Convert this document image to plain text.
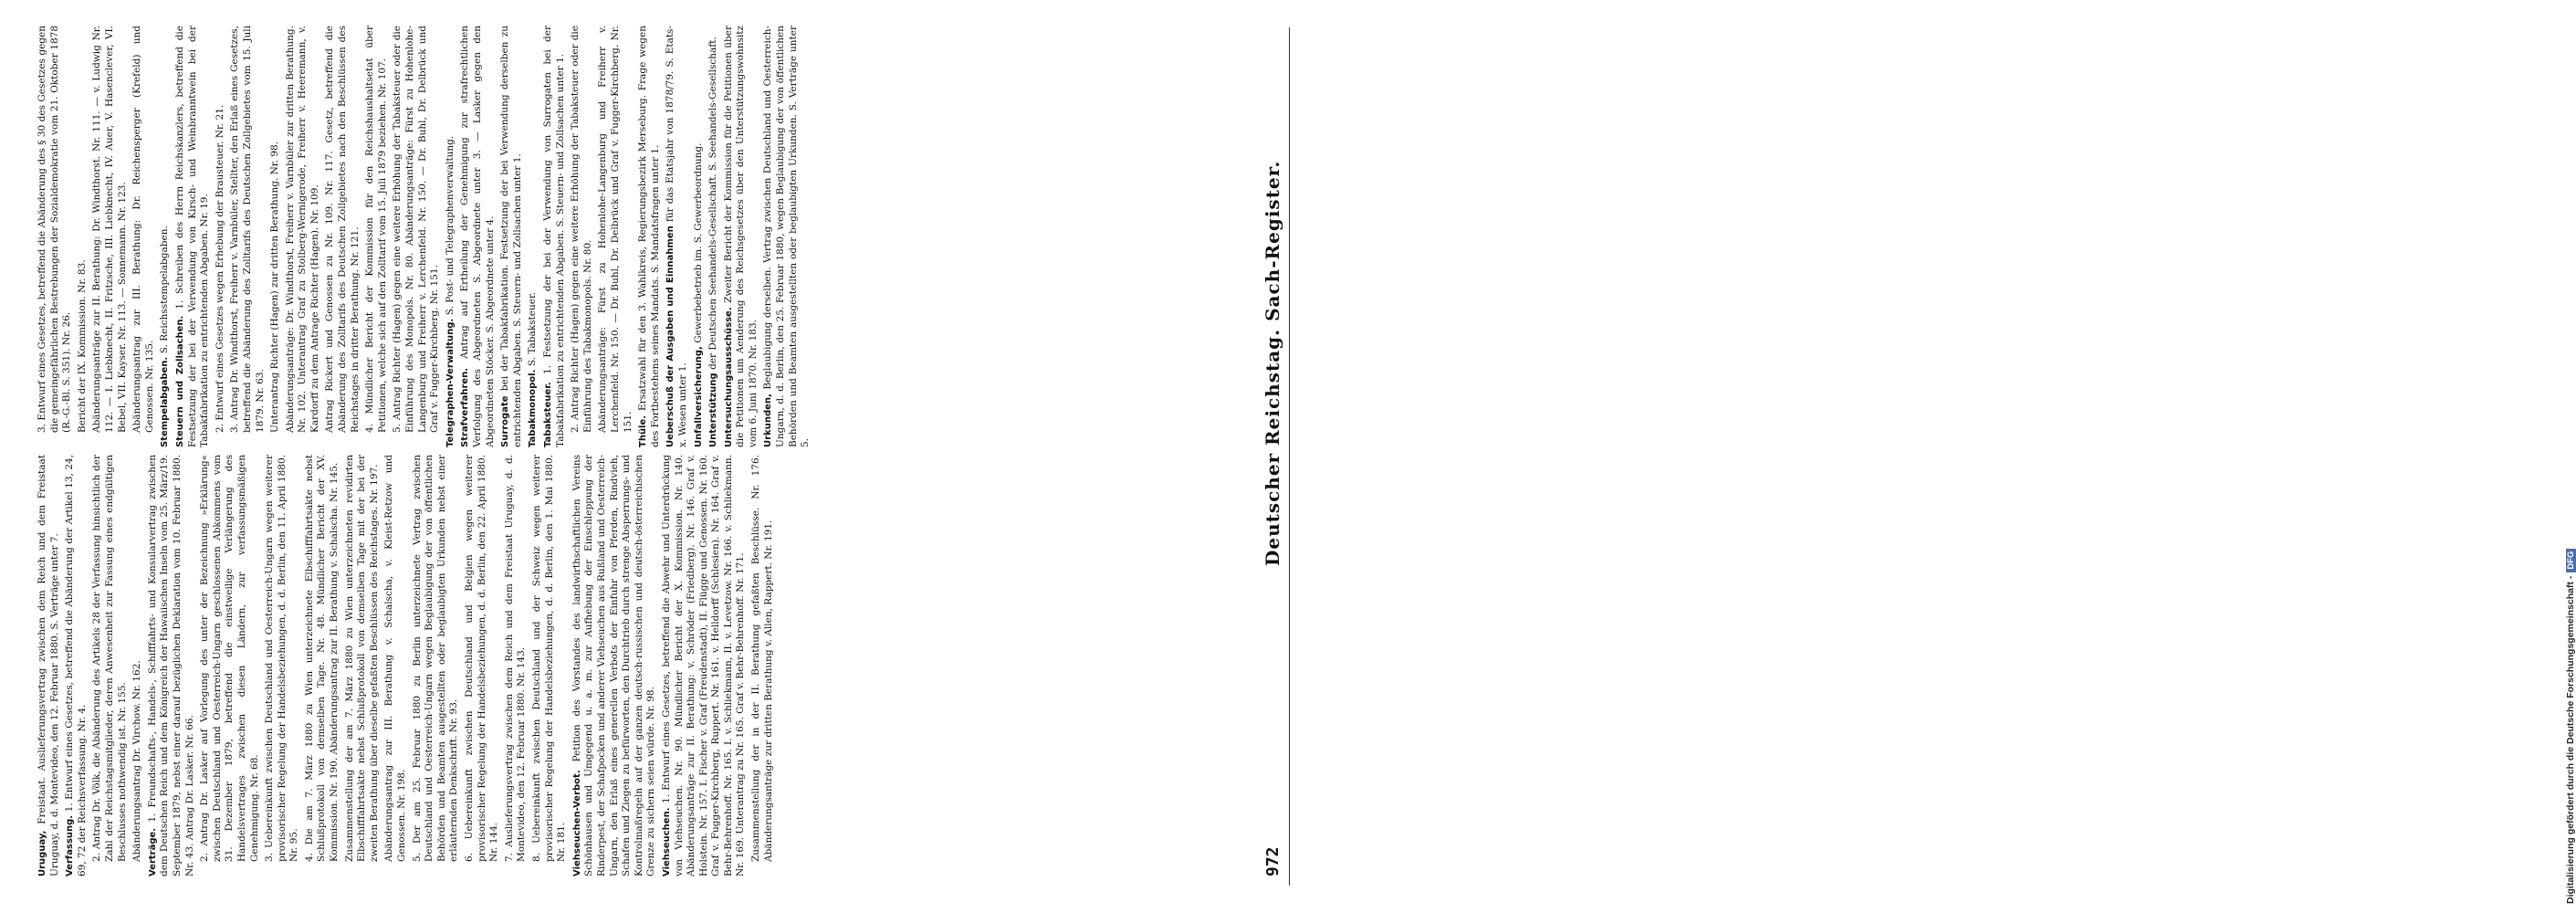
972
Deutscher Reichstag. Sach-Register.
3. Entwurf eines Gesetzes, betreffend die Abänderung des § 30 des Gesetzes gegen die gemeingefährlichen Bestrebungen der Sozialdemokratie vom 21. Oktober 1878 (R.-G.-Bl. S. 351). Nr. 26. Bericht der IX. Kommission. Nr. 83. Abänderungsanträge zur II. Berathung: Dr. Windthorst. Nr. 111. — v. Ludwig Nr. 112. — I. Liebknecht, II. Fritzsche, III. Liebknecht, IV. Auer, V. Hasenclever, VI. Bebel, VII. Kayser. Nr. 113. — Sonnemann. Nr. 123. Abänderungsantrag zur III. Berathung: Dr. Reichensperger (Krefeld) und Genossen. Nr. 135. Stempelabgaben. S. Reichsstempelabgaben.
Steuern und Zollsachen. 1. Schreiben des Herrn Reichskanzlers, betreffend die Festsetzung der bei der Verwendung von Kirsch- und Weinbranntwein bei der Tabakfabrikation zu entrichtenden Abgaben. Nr. 19. 2. Entwurf eines Gesetzes wegen Erhebung der Brausteuer. Nr. 21. 3. Antrag Dr. Windthorst, Freiherr v. Varnbüler, Stellter, den Erlaß eines Gesetzes, betreffend die Abänderung des Zolltarifs des Deutschen Zollgebietes vom 15. Juli 1879. Nr. 63. Unterantrag Richter (Hagen) zur dritten Berathung. Nr. 98. Abänderungsanträge: Dr. Windthorst, Freiherr v. Varnbüler zur dritten Berathung. Nr. 102. Unterantrag Graf zu Stolberg-Wernigerode, Freiherr v. Heeremann, v. Kardorff zu dem Antrage Richter (Hagen). Nr. 109. Antrag Rickert und Genossen zu Nr. 109. Nr. 117. Gesetz, betreffend die Abänderung des Zolltarifs des Deutschen Zollgebietes nach den Beschlüssen des Reichstages in dritter Berathung. Nr. 121. 4. Mündlicher Bericht der Kommission für den Reichshaushaltsetat über Petitionen, welche sich auf den Zolltarif vom 15. Juli 1879 beziehen. Nr. 107. 5. Antrag Richter (Hagen) gegen eine weitere Erhöhung der Tabaksteuer oder die Einführung des Monopols. Nr. 80. Abänderungsanträge: Fürst zu Hohenlohe-Langenburg und Freiherr v. Lerchenfeld. Nr. 150. — Dr. Buhl, Dr. Delbrück und Graf v. Fugger-Kirchberg. Nr. 151. Telegraphen-Verwaltung. S. Post- und Telegraphenverwaltung.
Strafverfahren. Antrag auf Ertheilung der Genehmigung zur strafrechtlichen Verfolgung des Abgeordneten S. Abgeordnete unter 3. — Lasker gegen den Abgeordneten Stöcker. S. Abgeordnete unter 4. Surrogate bei der Tabakfabrikation. Festsetzung der bei Verwendung derselben zu entrichtenden Abgaben. S. Steuern- und Zollsachen unter 1. Tabakmonopol. S. Tabaksteuer.
Tabaksteuer. 1. Festsetzung der bei der Verwendung von Surrogaten bei der Tabakfabrikation zu entrichtenden Abgaben. S. Steuern- und Zollsachen unter 1. 2. Antrag Richter (Hagen) gegen eine weitere Erhöhung der Tabaksteuer oder die Einführung des Tabakmonopols. Nr. 80. Abänderungsanträge: Fürst zu Hohenlohe-Langenburg und Freiherr v. Lerchenfeld. Nr. 150. — Dr. Buhl, Dr. Delbrück und Graf v. Fugger-Kirchberg. Nr. 151. Thüle. Ersatzwahl für den 3. Wahlkreis, Regierungsbezirk Merseburg. Frage wegen des Fortbestehens seines Mandats. S. Mandatsfragen unter 1. Ueberschuß der Ausgaben und Einnahmen für das Etatsjahr von 1878/79. S. Etats-x. Wesen unter 1. Unfallversicherung, Gewerbebetrieb im. S. Gewerbeordnung.
Unterstützung der Deutschen Seehandels-Gesellschaft. S. Seehandels-Gesellschaft.
Untersuchungsausschüsse. Zweiter Bericht der Kommission für die Petitionen über die Petitionen um Aenderung des Reichsgesetzes über den Unterstützungswohnsitz vom 6. Juni 1870. Nr. 183. Urkunden, Beglaubigung derselben. Vertrag zwischen Deutschland und Oesterreich-Ungarn, d. d. Berlin, den 25. Februar 1880, wegen Beglaubigung der von öffentlichen Behörden und Beamten ausgestellten oder beglaubigten Urkunden. S. Verträge unter 5.
Uruguay, Freistaat. Auslieferungsvertrag zwischen dem Reich und dem Freistaat Uruguay, d. d. Montevideo, den 12. Februar 1880. S. Verträge unter 7. Verfassung. 1. Entwurf eines Gesetzes, betreffend die Abänderung der Artikel 13, 24, 69, 72 der Reichsverfassung. Nr. 4. 2. Antrag Dr. Völk, die Abänderung des Artikels 28 der Verfassung hinsichtlich der Zahl der Reichstagsmitglieder, deren Anwesenheit zur Fassung eines endgültigen Beschlusses nothwendig ist. Nr. 155. Abänderungsantrag Dr. Virchow. Nr. 162. Verträge. 1. Freundschafts-, Handels-, Schifffahrts- und Konsularvertrag zwischen dem Deutschen Reich und dem Königreich der Hawaiischen Inseln vom 25. März/19. September 1879, nebst einer darauf bezüglichen Deklaration vom 10. Februar 1880. Nr. 43. Antrag Dr. Lasker. Nr. 66. 2. Antrag Dr. Lasker auf Vorlegung des unter der Bezeichnung »Erklärung« zwischen Deutschland und Oesterreich-Ungarn geschlossenen Abkommens vom 31. Dezember 1879, betreffend die einstweilige Verlängerung des Handelsvertrages zwischen diesen Ländern, zur verfassungsmäßigen Genehmigung. Nr. 68. 3. Uebereinkunft zwischen Deutschland und Oesterreich-Ungarn wegen weiterer provisorischer Regelung der Handelsbeziehungen, d. d. Berlin, den 11. April 1880. Nr. 95. 4. Die am 7. März 1880 zu Wien unterzeichnete Elbschifffahrtsakte nebst Schlußprotokoll von demselben Tage. Nr. 48. Mündlicher Bericht der XV. Kommission. Nr. 190. Abänderungsantrag zur II. Berathung v. Schalscha. Nr. 145. Zusammenstellung der am 7. März 1880 zu Wien unterzeichneten revidirten Elbschifffahrtsakte nebst Schlußprotokoll von demselben Tage mit der bei der zweiten Berathung über dieselbe gefaßten Beschlüssen des Reichstages. Nr. 197. Abänderungsantrag zur III. Berathung v. Schalscha, v. Kleist-Retzow und Genossen. Nr. 198. 5. Der am 25. Februar 1880 zu Berlin unterzeichnete Vertrag zwischen Deutschland und Oesterreich-Ungarn wegen Beglaubigung der von öffentlichen Behörden und Beamten ausgestellten oder beglaubigten Urkunden nebst einer erläuternden Denkschrift. Nr. 93. 6. Uebereinkunft zwischen Deutschland und Belgien wegen weiterer provisorischer Regelung der Handelsbeziehungen, d. d. Berlin, den 22. April 1880. Nr. 144. 7. Auslieferungsvertrag zwischen dem Reich und dem Freistaat Uruguay, d. d. Montevideo, den 12. Februar 1880. Nr. 143. 8. Uebereinkunft zwischen Deutschland und der Schweiz wegen weiterer provisorischer Regelung der Handelsbeziehungen, d. d. Berlin, den 1. Mai 1880. Nr. 181. Viehseuchen-Verbot. Petition des Vorstandes des landwirthschaftlichen Vereins Schönhausen und Umgegend u. a. m. zur Aufhebung der Einschleppung der Rinderpest, der Schafpocken und anderer Viehseuchen aus Rußland und Oesterreich-Ungarn, den Erlaß eines generellen Verbots der Einfuhr von Pferden, Rindvieh, Schafen und Ziegen zu befürworten, den Durchtrieb durch strenge Absperrungs- und Kontrolmaßregeln auf der ganzen deutsch-russischen und deutsch-österreichischen Grenze zu sichern seien würde. Nr. 98. Viehseuchen. 1. Entwurf eines Gesetzes, betreffend die Abwehr und Unterdrückung von Viehseuchen. Nr. 90. Mündlicher Bericht der X. Kommission. Nr. 140. Abänderungsanträge zur II. Berathung: v. Schröder (Friedberg). Nr. 146. Graf v. Holstein. Nr. 157. I. Fischer v. Graf (Freudenstadt), II. Flügge und Genossen. Nr. 160. Graf v. Fugger-Kirchberg, Ruppert. Nr. 161. v. Helldorff (Schlesien). Nr. 164. Graf v. Behr-Behrenhoff. Nr. 165. I. v. Schliekmann, II. v. Levetzow. Nr. 166. v. Schliekmann. Nr. 169. Unterantrag zu Nr. 165. Graf v. Behr-Behrenhoff. Nr. 171. Zusammenstellung der in der II. Berathung gefaßten Beschlüsse. Nr. 176. Abänderungsanträge zur dritten Berathung v. Allen, Rappert. Nr. 191.	Digitalisierung gefördert durch die Deutsche Forschungsgemeinschaft -DFG
